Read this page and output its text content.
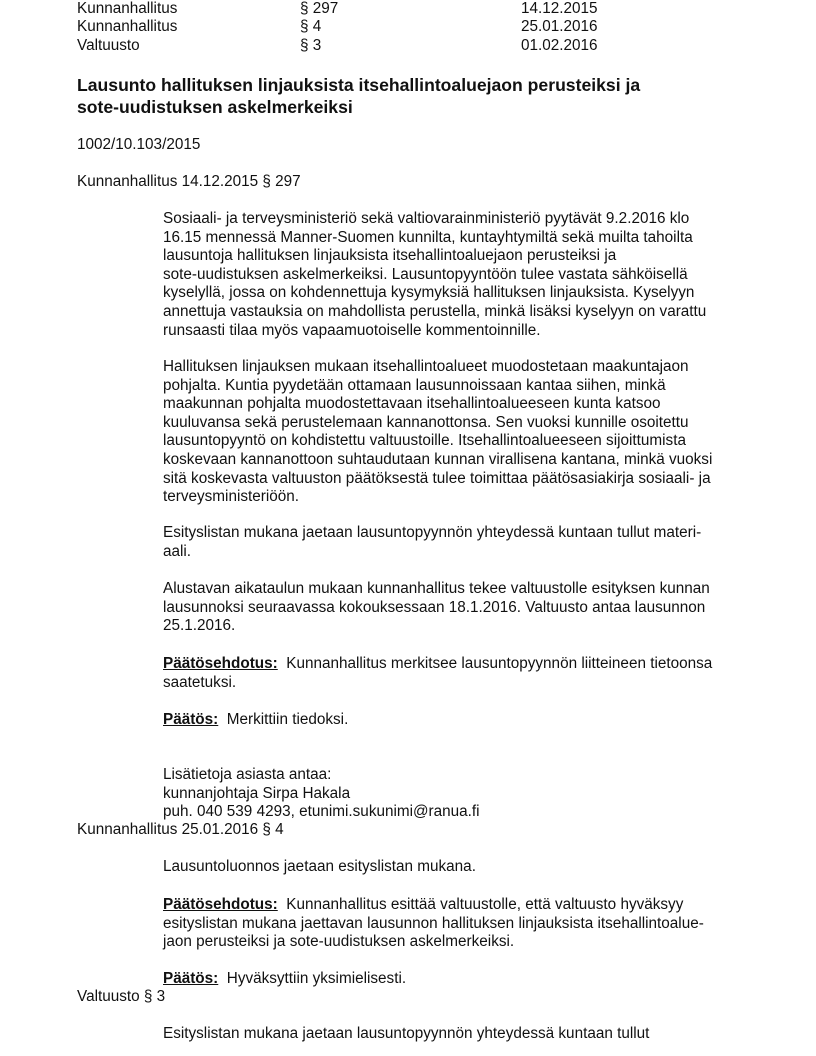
Kunnanhallitus	§ 297	14.12.2015
Kunnanhallitus	§ 4	25.01.2016
Valtuusto	§ 3	01.02.2016
Lausunto hallituksen linjauksista itsehallintoaluejaon perusteiksi ja
sote-uudistuksen askelmerkeiksi
1002/10.103/2015
Kunnanhallitus 14.12.2015 § 297
Sosiaali- ja terveysministeriö sekä valtiovarainministeriö pyytävät 9.2.2016 klo
16.15 mennessä Manner-Suomen kunnilta, kuntayhtymiltä sekä muilta tahoilta
lausuntoja hallituksen linjauksista itsehallintoaluejaon perusteiksi ja
sote-uudistuksen askelmerkeiksi. Lausuntopyyntöön tulee vastata sähköisellä
kyselyllä, jossa on kohdennettuja kysymyksiä hallituksen linjauksista. Kyselyyn
annettuja vastauksia on mahdollista perustella, minkä lisäksi kyselyyn on varattu
runsaasti tilaa myös vapaamuotoiselle kommentoinnille.
Hallituksen linjauksen mukaan itsehallintoalueet muodostetaan maakuntajaon
pohjalta. Kuntia pyydetään ottamaan lausunnoissaan kantaa siihen, minkä
maakunnan pohjalta muodostettavaan itsehallintoalueeseen kunta katsoo
kuuluvansa sekä perustelemaan kannanottonsa. Sen vuoksi kunnille osoitettu
lausuntopyyntö on kohdistettu valtuustoille. Itsehallintoalueeseen sijoittumista
koskevaan kannanottoon suhtaudutaan kunnan virallisena kantana, minkä vuoksi
sitä koskevasta valtuuston päätöksestä tulee toimittaa päätösasiakirja sosiaali- ja
terveysministeriöön.
Esityslistan mukana jaetaan lausuntopyynnön yhteydessä kuntaan tullut materi-
aali.
Alustavan aikataulun mukaan kunnanhallitus tekee valtuustolle esityksen kunnan
lausunnoksi seuraavassa kokouksessaan 18.1.2016. Valtuusto antaa lausunnon
25.1.2016.
Päätösehdotus: Kunnanhallitus merkitsee lausuntopyynnön liitteineen tietoonsa
saatetuksi.
Päätös: Merkittiin tiedoksi.
Lisätietoja asiasta antaa:
kunnanjohtaja Sirpa Hakala
puh. 040 539 4293, etunimi.sukunimi@ranua.fi
Kunnanhallitus 25.01.2016 § 4
Lausuntoluonnos jaetaan esityslistan mukana.
Päätösehdotus: Kunnanhallitus esittää valtuustolle, että valtuusto hyväksyy
esityslistan mukana jaettavan lausunnon hallituksen linjauksista itsehallintoalue-
jaon perusteiksi ja sote-uudistuksen askelmerkeiksi.
Päätös: Hyväksyttiin yksimielisesti.
Valtuusto § 3
Esityslistan mukana jaetaan lausuntopyynnön yhteydessä kuntaan tullut
